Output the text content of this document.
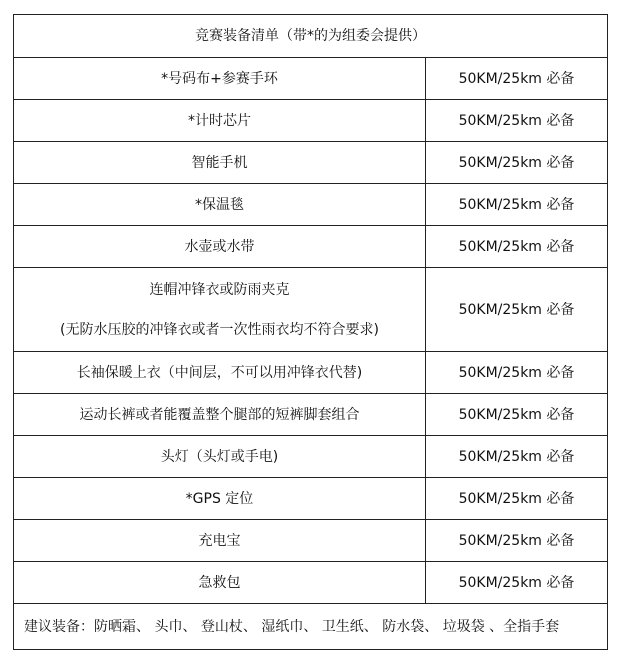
竞赛装备清单（带*的为组委会提供）	
*号码布+参赛手环	50KM/25km 必备
*计时芯片	50KM/25km 必备
智能手机	50KM/25km 必备
*保温毯	50KM/25km 必备
水壶或水带	50KM/25km 必备

连帽冲锋衣或防雨夹克
(无防水压胶的冲锋衣或者一次性雨衣均不符合要求)	50KM/25km 必备
长袖保暖上衣（中间层，不可以用冲锋衣代替)	50KM/25km 必备
运动长裤或者能覆盖整个腿部的短裤脚套组合	50KM/25km 必备
头灯（头灯或手电)	50KM/25km 必备
*GPS 定位	50KM/25km 必备
充电宝	50KM/25km 必备
急救包	50KM/25km 必备
建议装备：防晒霜、 头巾、 登山杖、 湿纸巾、 卫生纸、 防水袋、 垃圾袋 、全指手套	
